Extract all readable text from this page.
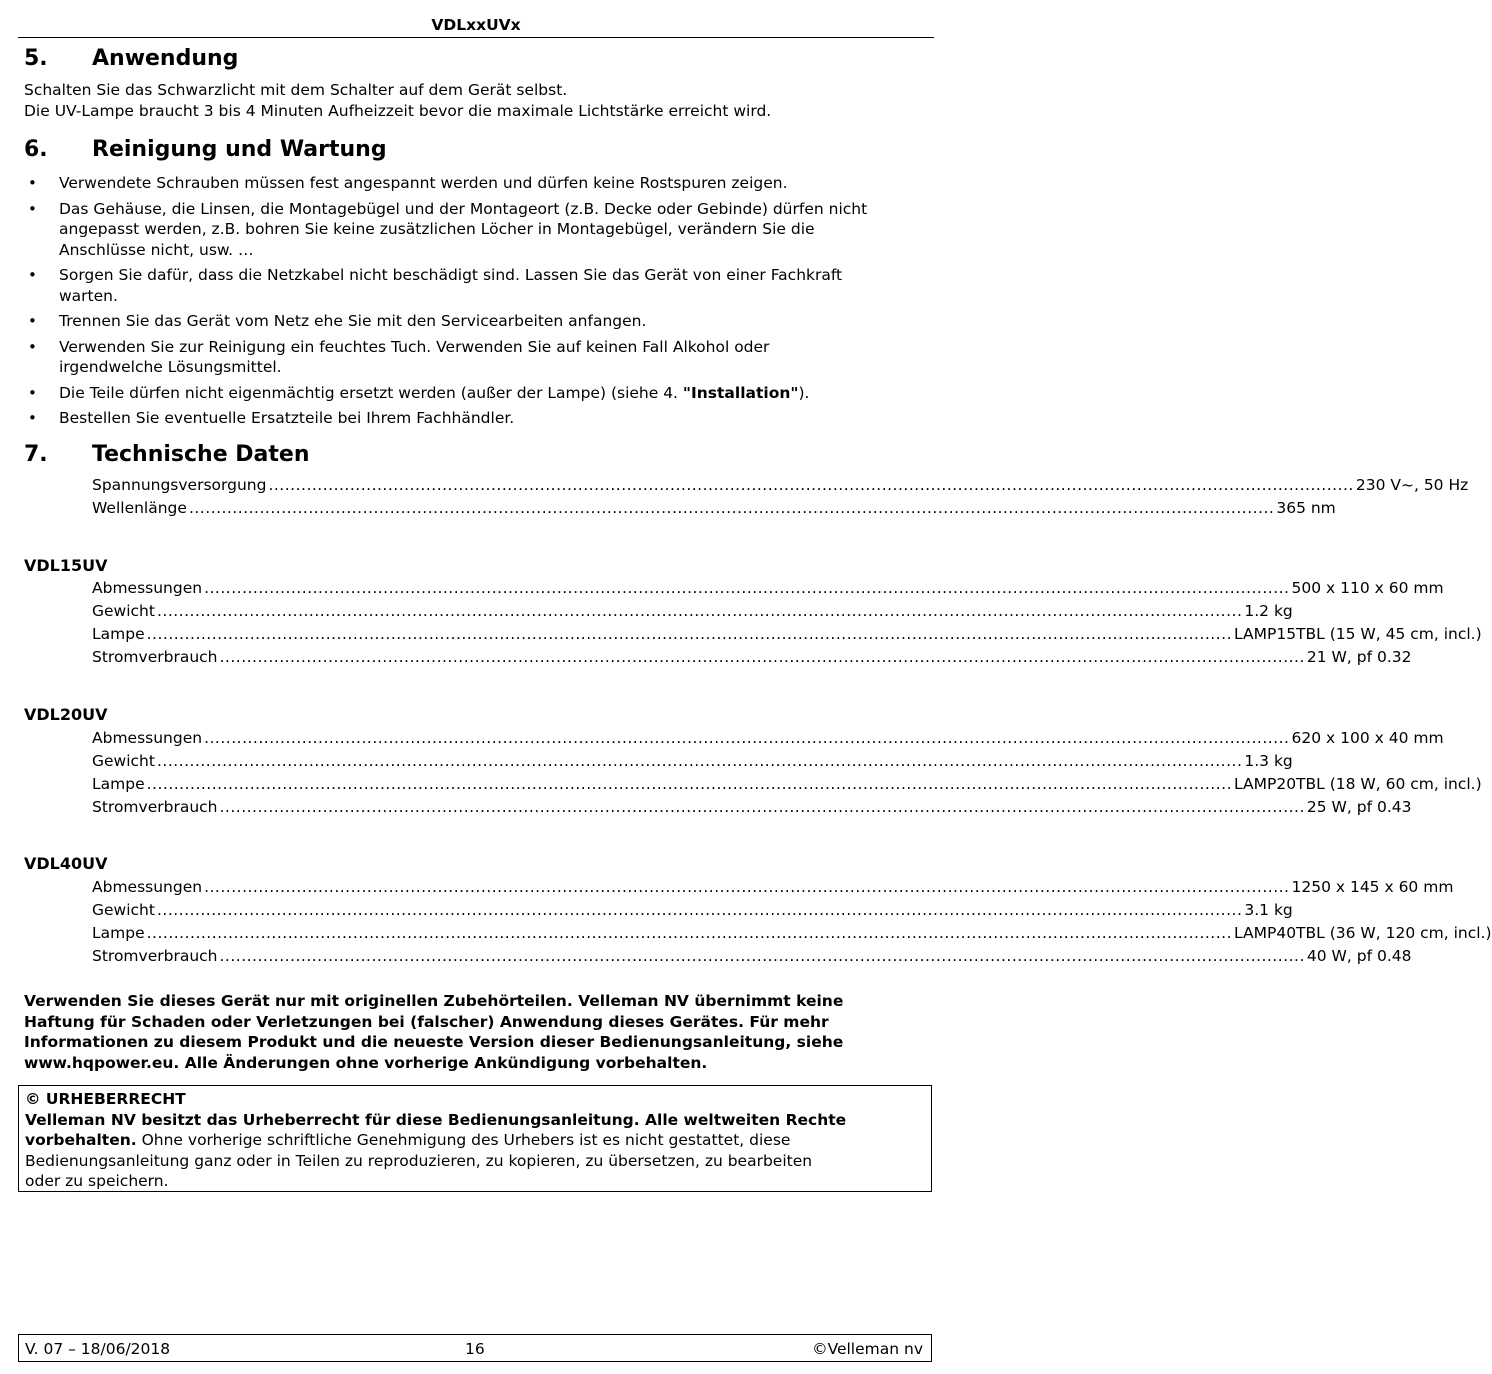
VDLxxUVx
5. Anwendung
Schalten Sie das Schwarzlicht mit dem Schalter auf dem Gerät selbst.
Die UV-Lampe braucht 3 bis 4 Minuten Aufheizzeit bevor die maximale Lichtstärke erreicht wird.
6. Reinigung und Wartung
• Verwendete Schrauben müssen fest angespannt werden und dürfen keine Rostspuren zeigen.
• Das Gehäuse, die Linsen, die Montagebügel und der Montageort (z.B. Decke oder Gebinde) dürfen nicht
angepasst werden, z.B. bohren Sie keine zusätzlichen Löcher in Montagebügel, verändern Sie die
Anschlüsse nicht, usw. …
• Sorgen Sie dafür, dass die Netzkabel nicht beschädigt sind. Lassen Sie das Gerät von einer Fachkraft
warten.
• Trennen Sie das Gerät vom Netz ehe Sie mit den Servicearbeiten anfangen.
• Verwenden Sie zur Reinigung ein feuchtes Tuch. Verwenden Sie auf keinen Fall Alkohol oder
irgendwelche Lösungsmittel.
• Die Teile dürfen nicht eigenmächtig ersetzt werden (außer der Lampe) (siehe 4. "Installation").
• Bestellen Sie eventuelle Ersatzteile bei Ihrem Fachhändler.
7. Technische Daten
Spannungsversorgung ........................................................................................................................................................................................................ 230 V~, 50 Hz
Wellenlänge ........................................................................................................................................................................................................ 365 nm
VDL15UV
Abmessungen ........................................................................................................................................................................................................ 500 x 110 x 60 mm
Gewicht ........................................................................................................................................................................................................ 1.2 kg
Lampe ........................................................................................................................................................................................................ LAMP15TBL (15 W, 45 cm, incl.)
Stromverbrauch ........................................................................................................................................................................................................ 21 W, pf 0.32
VDL20UV
Abmessungen ........................................................................................................................................................................................................ 620 x 100 x 40 mm
Gewicht ........................................................................................................................................................................................................ 1.3 kg
Lampe ........................................................................................................................................................................................................ LAMP20TBL (18 W, 60 cm, incl.)
Stromverbrauch ........................................................................................................................................................................................................ 25 W, pf 0.43
VDL40UV
Abmessungen ........................................................................................................................................................................................................ 1250 x 145 x 60 mm
Gewicht ........................................................................................................................................................................................................ 3.1 kg
Lampe ........................................................................................................................................................................................................ LAMP40TBL (36 W, 120 cm, incl.)
Stromverbrauch ........................................................................................................................................................................................................ 40 W, pf 0.48
Verwenden Sie dieses Gerät nur mit originellen Zubehörteilen. Velleman NV übernimmt keine
Haftung für Schaden oder Verletzungen bei (falscher) Anwendung dieses Gerätes. Für mehr
Informationen zu diesem Produkt und die neueste Version dieser Bedienungsanleitung, siehe
www.hqpower.eu. Alle Änderungen ohne vorherige Ankündigung vorbehalten.
© URHEBERRECHT
Velleman NV besitzt das Urheberrecht für diese Bedienungsanleitung. Alle weltweiten Rechte
vorbehalten. Ohne vorherige schriftliche Genehmigung des Urhebers ist es nicht gestattet, diese
Bedienungsanleitung ganz oder in Teilen zu reproduzieren, zu kopieren, zu übersetzen, zu bearbeiten
oder zu speichern.
V. 07 – 18/06/2018	16	©Velleman nv
